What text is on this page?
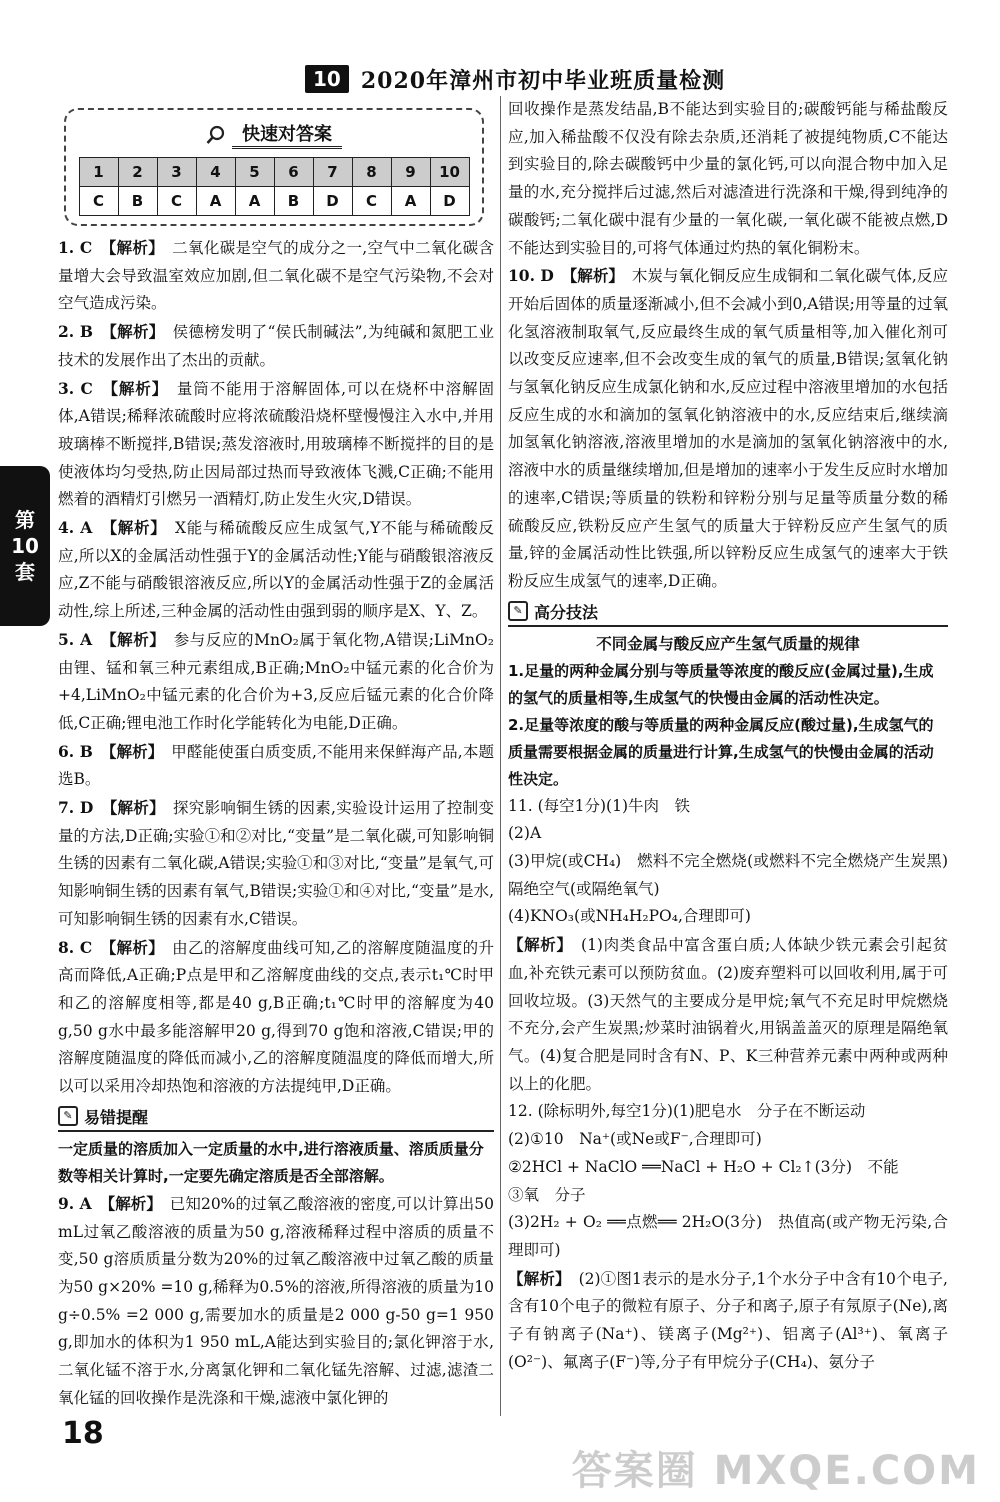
10 2020年漳州市初中毕业班质量检测
第
10
套
快速对答案
1	2	3	4	5	6	7	8	9	10
C	B	C	A	A	B	D	C	A	D

1. C　 【解析】　 二氧化碳是空气的成分之一,空气中二氧化碳含量增大会导致温室效应加剧,但二氧化碳不是空气污染物,不会对空气造成污染。

2. B　 【解析】　 侯德榜发明了“侯氏制碱法”,为纯碱和氮肥工业技术的发展作出了杰出的贡献。

3. C　 【解析】　 量筒不能用于溶解固体,可以在烧杯中溶解固体,A错误;稀释浓硫酸时应将浓硫酸沿烧杯壁慢慢注入水中,并用玻璃棒不断搅拌,B错误;蒸发溶液时,用玻璃棒不断搅拌的目的是使液体均匀受热,防止因局部过热而导致液体飞溅,C正确;不能用燃着的酒精灯引燃另一酒精灯,防止发生火灾,D错误。

4. A　 【解析】　 X能与稀硫酸反应生成氢气,Y不能与稀硫酸反应,所以X的金属活动性强于Y的金属活动性;Y能与硝酸银溶液反应,Z不能与硝酸银溶液反应,所以Y的金属活动性强于Z的金属活动性,综上所述,三种金属的活动性由强到弱的顺序是X、Y、Z。

5. A　 【解析】　 参与反应的MnO₂属于氧化物,A错误;LiMnO₂由锂、锰和氧三种元素组成,B正确;MnO₂中锰元素的化合价为+4,LiMnO₂中锰元素的化合价为+3,反应后锰元素的化合价降低,C正确;锂电池工作时化学能转化为电能,D正确。

6. B　 【解析】　 甲醛能使蛋白质变质,不能用来保鲜海产品,本题选B。

7. D　 【解析】　 探究影响铜生锈的因素,实验设计运用了控制变量的方法,D正确;实验①和②对比,“变量”是二氧化碳,可知影响铜生锈的因素有二氧化碳,A错误;实验①和③对比,“变量”是氧气,可知影响铜生锈的因素有氧气,B错误;实验①和④对比,“变量”是水,可知影响铜生锈的因素有水,C错误。

8. C　 【解析】　 由乙的溶解度曲线可知,乙的溶解度随温度的升高而降低,A正确;P点是甲和乙溶解度曲线的交点,表示t₁℃时甲和乙的溶解度相等,都是40 g,B正确;t₁℃时甲的溶解度为40 g,50 g水中最多能溶解甲20 g,得到70 g饱和溶液,C错误;甲的溶解度随温度的降低而减小,乙的溶解度随温度的降低而增大,所以可以采用冷却热饱和溶液的方法提纯甲,D正确。

✎ 易错提醒
一定质量的溶质加入一定质量的水中,进行溶液质量、溶质质量分数等相关计算时,一定要先确定溶质是否全部溶解。

9. A　 【解析】　 已知20%的过氧乙酸溶液的密度,可以计算出50 mL过氧乙酸溶液的质量为50 g,溶液稀释过程中溶质的质量不变,50 g溶质质量分数为20%的过氧乙酸溶液中过氧乙酸的质量为50 g×20% =10 g,稀释为0.5%的溶液,所得溶液的质量为10 g÷0.5% =2 000 g,需要加水的质量是2 000 g-50 g=1 950 g,即加水的体积为1 950 mL,A能达到实验目的;氯化钾溶于水,二氧化锰不溶于水,分离氯化钾和二氧化锰先溶解、过滤,滤渣二氧化锰的回收操作是洗涤和干燥,滤液中氯化钾的

回收操作是蒸发结晶,B不能达到实验目的;碳酸钙能与稀盐酸反应,加入稀盐酸不仅没有除去杂质,还消耗了被提纯物质,C不能达到实验目的,除去碳酸钙中少量的氯化钙,可以向混合物中加入足量的水,充分搅拌后过滤,然后对滤渣进行洗涤和干燥,得到纯净的碳酸钙;二氧化碳中混有少量的一氧化碳,一氧化碳不能被点燃,D不能达到实验目的,可将气体通过灼热的氧化铜粉末。

10. D　 【解析】　 木炭与氧化铜反应生成铜和二氧化碳气体,反应开始后固体的质量逐渐减小,但不会减小到0,A错误;用等量的过氧化氢溶液制取氧气,反应最终生成的氧气质量相等,加入催化剂可以改变反应速率,但不会改变生成的氧气的质量,B错误;氢氧化钠与氢氧化钠反应生成氯化钠和水,反应过程中溶液里增加的水包括反应生成的水和滴加的氢氧化钠溶液中的水,反应结束后,继续滴加氢氧化钠溶液,溶液里增加的水是滴加的氢氧化钠溶液中的水,溶液中水的质量继续增加,但是增加的速率小于发生反应时水增加的速率,C错误;等质量的铁粉和锌粉分别与足量等质量分数的稀硫酸反应,铁粉反应产生氢气的质量大于锌粉反应产生氢气的质量,锌的金属活动性比铁强,所以锌粉反应生成氢气的速率大于铁粉反应生成氢气的速率,D正确。

✎ 高分技法
不同金属与酸反应产生氢气质量的规律
1.足量的两种金属分别与等质量等浓度的酸反应(金属过量),生成的氢气的质量相等,生成氢气的快慢由金属的活动性决定。
2.足量等浓度的酸与等质量的两种金属反应(酸过量),生成氢气的质量需要根据金属的质量进行计算,生成氢气的快慢由金属的活动性决定。

11. (每空1分)(1)牛肉　铁

(2)A

(3)甲烷(或CH₄)　燃料不完全燃烧(或燃料不完全燃烧产生炭黑)　隔绝空气(或隔绝氧气)

(4)KNO₃(或NH₄H₂PO₄,合理即可)

【解析】　 (1)肉类食品中富含蛋白质;人体缺少铁元素会引起贫血,补充铁元素可以预防贫血。(2)废弃塑料可以回收利用,属于可回收垃圾。(3)天然气的主要成分是甲烷;氧气不充足时甲烷燃烧不充分,会产生炭黑;炒菜时油锅着火,用锅盖盖灭的原理是隔绝氧气。(4)复合肥是同时含有N、P、K三种营养元素中两种或两种以上的化肥。

12. (除标明外,每空1分)(1)肥皂水　分子在不断运动

(2)①10　Na⁺(或Ne或F⁻,合理即可)

②2HCl + NaClO ══NaCl + H₂O + Cl₂↑(3分)　不能

③氧　分子

(3)2H₂ + O₂ ══点燃══ 2H₂O(3分)　热值高(或产物无污染,合理即可)

【解析】　 (2)①图1表示的是水分子,1个水分子中含有10个电子,含有10个电子的微粒有原子、分子和离子,原子有氖原子(Ne),离子有钠离子(Na⁺)、镁离子(Mg²⁺)、铝离子(Al³⁺)、氧离子(O²⁻)、氟离子(F⁻)等,分子有甲烷分子(CH₄)、氨分子

18
答案圈 MXQE.COM
